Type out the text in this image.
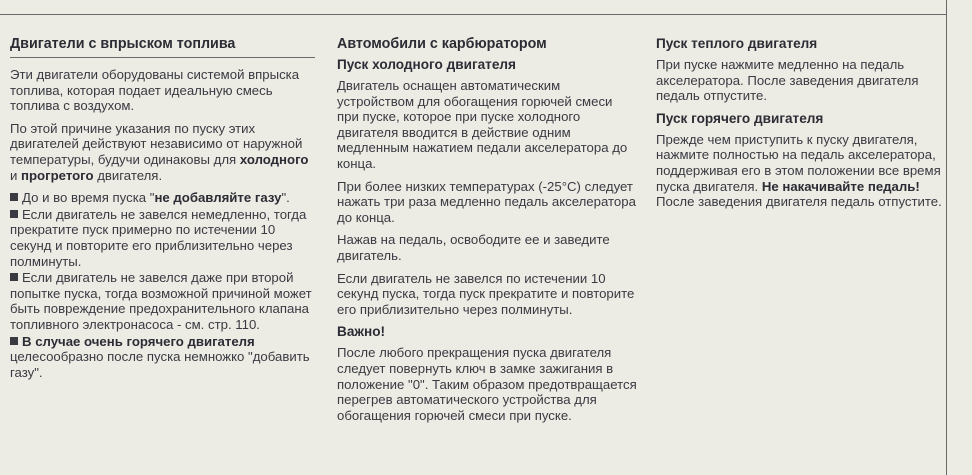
Двигатели с впрыском топлива

Эти двигатели оборудованы системой впрыска топлива, которая подает идеальную смесь топлива с воздухом.

По этой причине указания по пуску этих двигателей действуют независимо от наружной температуры, будучи одинаковы для холодного и прогретого двигателя.

До и во время пуска "не добавляйте газу".

Если двигатель не завелся немедленно, тогда прекратите пуск примерно по истечении 10 секунд и повторите его приблизительно через полминуты.

Если двигатель не завелся даже при второй попытке пуска, тогда возможной причиной может быть повреждение предохранительного клапана топливного электронасоса - см. стр. 110.

В случае очень горячего двигателя целесообразно после пуска немножко "добавить газу".

Автомобили с карбюратором
Пуск холодного двигателя

Двигатель оснащен автоматическим устройством для обогащения горючей смеси при пуске, которое при пуске холодного двигателя вводится в действие одним медленным нажатием педали акселератора до конца.

При более низких температурах (-25°С) следует нажать три раза медленно педаль акселератора до конца.

Нажав на педаль, освободите ее и заведите двигатель.

Если двигатель не завелся по истечении 10 секунд пуска, тогда пуск прекратите и повторите его приблизительно через полминуты.

Важно!

После любого прекращения пуска двигателя следует повернуть ключ в замке зажигания в положение "0". Таким образом предотвращается перегрев автоматического устройства для обогащения горючей смеси при пуске.

Пуск теплого двигателя

При пуске нажмите медленно на педаль акселератора. После заведения двигателя педаль отпустите.

Пуск горячего двигателя

Прежде чем приступить к пуску двигателя, нажмите полностью на педаль акселератора, поддерживая его в этом положении все время пуска двигателя. Не накачивайте педаль! После заведения двигателя педаль отпустите.
